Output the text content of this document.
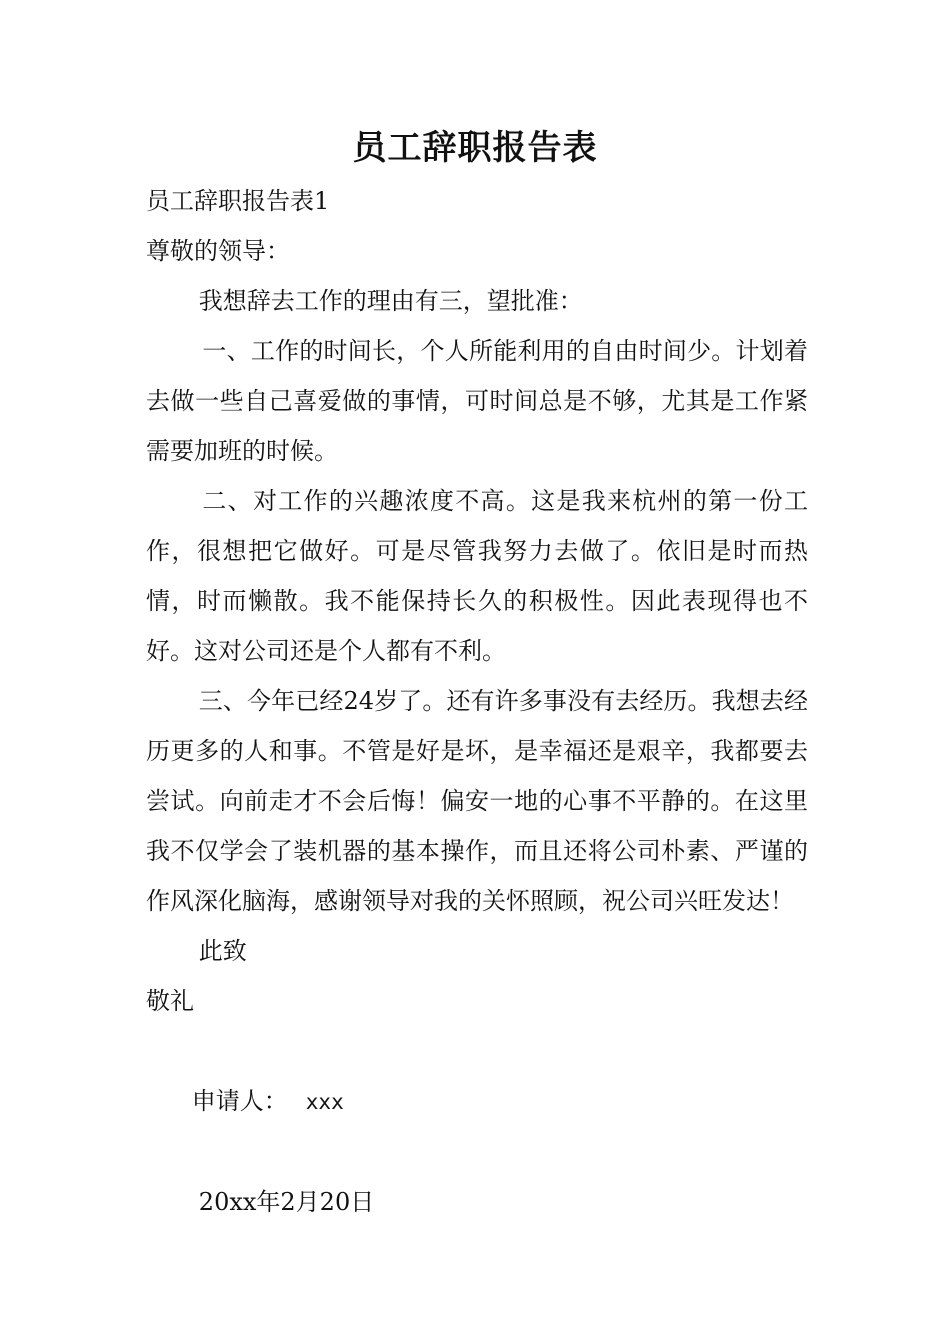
员工辞职报告表

员工辞职报告表1

尊敬的领导：

我想辞去工作的理由有三，望批准：

一、工作的时间长，个人所能利用的自由时间少。计划着去做一些自己喜爱做的事情，可时间总是不够，尤其是工作紧需要加班的时候。

二、对工作的兴趣浓度不高。这是我来杭州的第一份工作，很想把它做好。可是尽管我努力去做了。依旧是时而热情，时而懒散。我不能保持长久的积极性。因此表现得也不好。这对公司还是个人都有不利。

三、今年已经24岁了。还有许多事没有去经历。我想去经历更多的人和事。不管是好是坏，是幸福还是艰辛，我都要去尝试。向前走才不会后悔！偏安一地的心事不平静的。在这里我不仅学会了装机器的基本操作，而且还将公司朴素、严谨的作风深化脑海，感谢领导对我的关怀照顾，祝公司兴旺发达！

此致

敬礼

申请人： xxx

20xx年2月20日
